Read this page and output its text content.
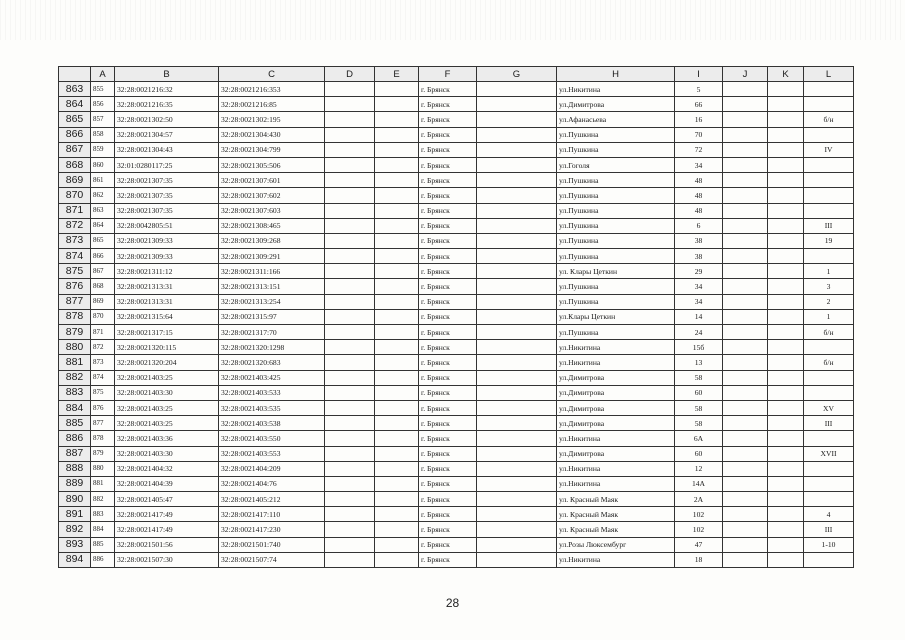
	A	B	C	D	E	F	G	H	I	J	K	L
863	855	32:28:0021216:32	32:28:0021216:353			г. Брянск		ул.Никитина	5			
864	856	32:28:0021216:35	32:28:0021216:85			г. Брянск		ул.Димитрова	66			
865	857	32:28:0021302:50	32:28:0021302:195			г. Брянск		ул.Афанасьева	16			б/н
866	858	32:28:0021304:57	32:28:0021304:430			г. Брянск		ул.Пушкина	70			
867	859	32:28:0021304:43	32:28:0021304:799			г. Брянск		ул.Пушкина	72			IV
868	860	32:01:0280117:25	32:28:0021305:506			г. Брянск		ул.Гоголя	34			
869	861	32:28:0021307:35	32:28:0021307:601			г. Брянск		ул.Пушкина	48			
870	862	32:28:0021307:35	32:28:0021307:602			г. Брянск		ул.Пушкина	48			
871	863	32:28:0021307:35	32:28:0021307:603			г. Брянск		ул.Пушкина	48			
872	864	32:28:0042805:51	32:28:0021308:465			г. Брянск		ул.Пушкина	6			III
873	865	32:28:0021309:33	32:28:0021309:268			г. Брянск		ул.Пушкина	38			19
874	866	32:28:0021309:33	32:28:0021309:291			г. Брянск		ул.Пушкина	38			
875	867	32:28:0021311:12	32:28:0021311:166			г. Брянск		ул. Клары Цеткин	29			1
876	868	32:28:0021313:31	32:28:0021313:151			г. Брянск		ул.Пушкина	34			3
877	869	32:28:0021313:31	32:28:0021313:254			г. Брянск		ул.Пушкина	34			2
878	870	32:28:0021315:64	32:28:0021315:97			г. Брянск		ул.Клары Цеткин	14			1
879	871	32:28:0021317:15	32:28:0021317:70			г. Брянск		ул.Пушкина	24			б/н
880	872	32:28:0021320:115	32:28:0021320:1298			г. Брянск		ул.Никитина	15б			
881	873	32:28:0021320:204	32:28:0021320:683			г. Брянск		ул.Никитина	13			б/н
882	874	32:28:0021403:25	32:28:0021403:425			г. Брянск		ул.Димитрова	58			
883	875	32:28:0021403:30	32:28:0021403:533			г. Брянск		ул.Димитрова	60			
884	876	32:28:0021403:25	32:28:0021403:535			г. Брянск		ул.Димитрова	58			XV
885	877	32:28:0021403:25	32:28:0021403:538			г. Брянск		ул.Димитрова	58			III
886	878	32:28:0021403:36	32:28:0021403:550			г. Брянск		ул.Никитина	6А			
887	879	32:28:0021403:30	32:28:0021403:553			г. Брянск		ул.Димитрова	60			XVII
888	880	32:28:0021404:32	32:28:0021404:209			г. Брянск		ул.Никитина	12			
889	881	32:28:0021404:39	32:28:0021404:76			г. Брянск		ул.Никитина	14А			
890	882	32:28:0021405:47	32:28:0021405:212			г. Брянск		ул. Красный Маяк	2А			
891	883	32:28:0021417:49	32:28:0021417:110			г. Брянск		ул. Красный Маяк	102			4
892	884	32:28:0021417:49	32:28:0021417:230			г. Брянск		ул. Красный Маяк	102			III
893	885	32:28:0021501:56	32:28:0021501:740			г. Брянск		ул.Розы Люксембург	47			1-10
894	886	32:28:0021507:30	32:28:0021507:74			г. Брянск		ул.Никитина	18			
28
